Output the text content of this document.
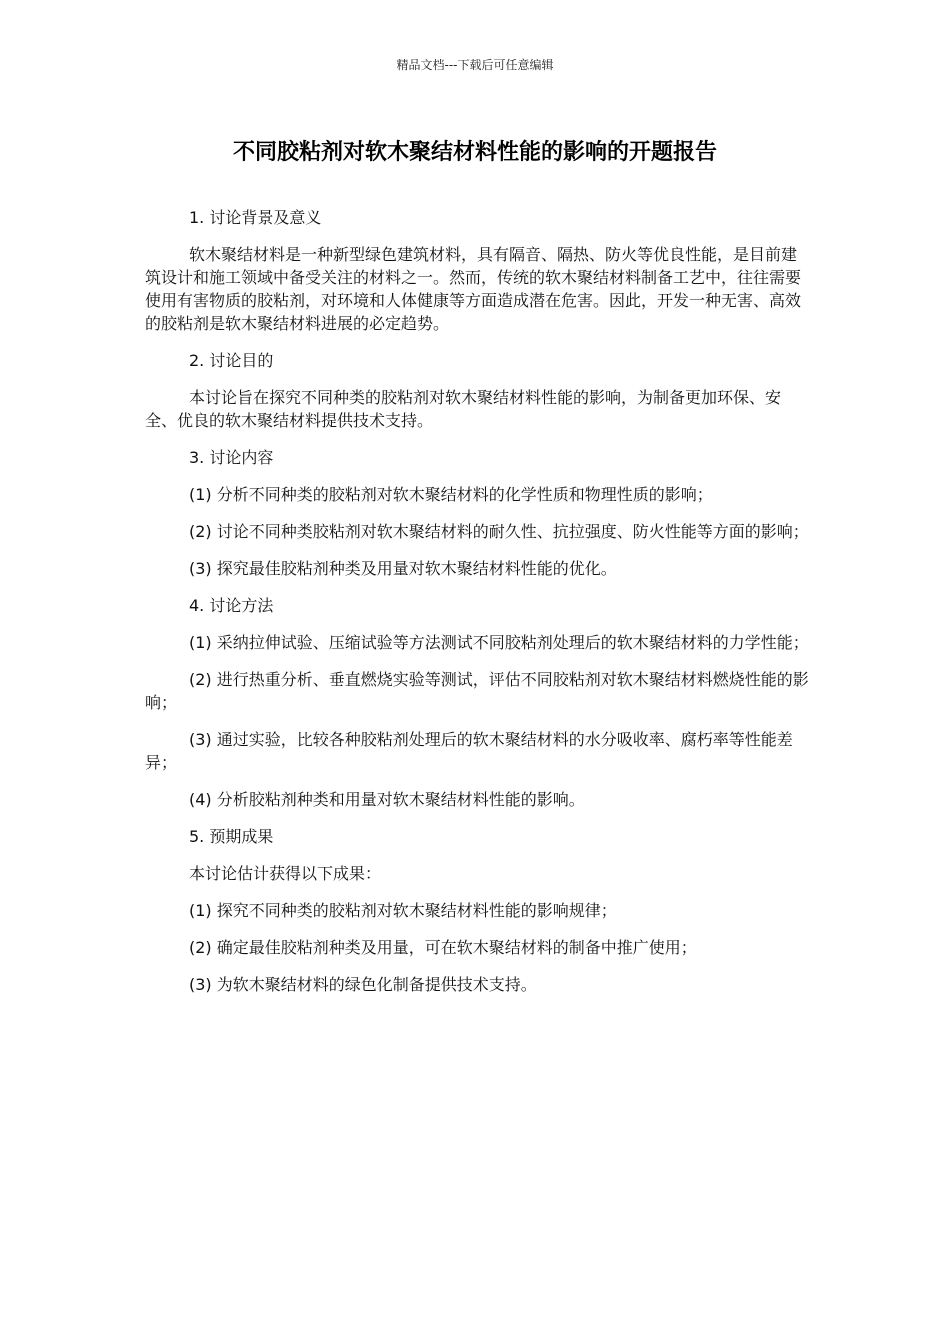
精品文档---下载后可任意编辑
不同胶粘剂对软木聚结材料性能的影响的开题报告

1. 讨论背景及意义

软木聚结材料是一种新型绿色建筑材料，具有隔音、隔热、防火等优良性能，是目前建筑设计和施工领域中备受关注的材料之一。然而，传统的软木聚结材料制备工艺中，往往需要使用有害物质的胶粘剂，对环境和人体健康等方面造成潜在危害。因此，开发一种无害、高效的胶粘剂是软木聚结材料进展的必定趋势。

2. 讨论目的

本讨论旨在探究不同种类的胶粘剂对软木聚结材料性能的影响，为制备更加环保、安全、优良的软木聚结材料提供技术支持。

3. 讨论内容

(1) 分析不同种类的胶粘剂对软木聚结材料的化学性质和物理性质的影响；

(2) 讨论不同种类胶粘剂对软木聚结材料的耐久性、抗拉强度、防火性能等方面的影响；

(3) 探究最佳胶粘剂种类及用量对软木聚结材料性能的优化。

4. 讨论方法

(1) 采纳拉伸试验、压缩试验等方法测试不同胶粘剂处理后的软木聚结材料的力学性能；

(2) 进行热重分析、垂直燃烧实验等测试，评估不同胶粘剂对软木聚结材料燃烧性能的影响；

(3) 通过实验，比较各种胶粘剂处理后的软木聚结材料的水分吸收率、腐朽率等性能差异；

(4) 分析胶粘剂种类和用量对软木聚结材料性能的影响。

5. 预期成果

本讨论估计获得以下成果：

(1) 探究不同种类的胶粘剂对软木聚结材料性能的影响规律；

(2) 确定最佳胶粘剂种类及用量，可在软木聚结材料的制备中推广使用；

(3) 为软木聚结材料的绿色化制备提供技术支持。
